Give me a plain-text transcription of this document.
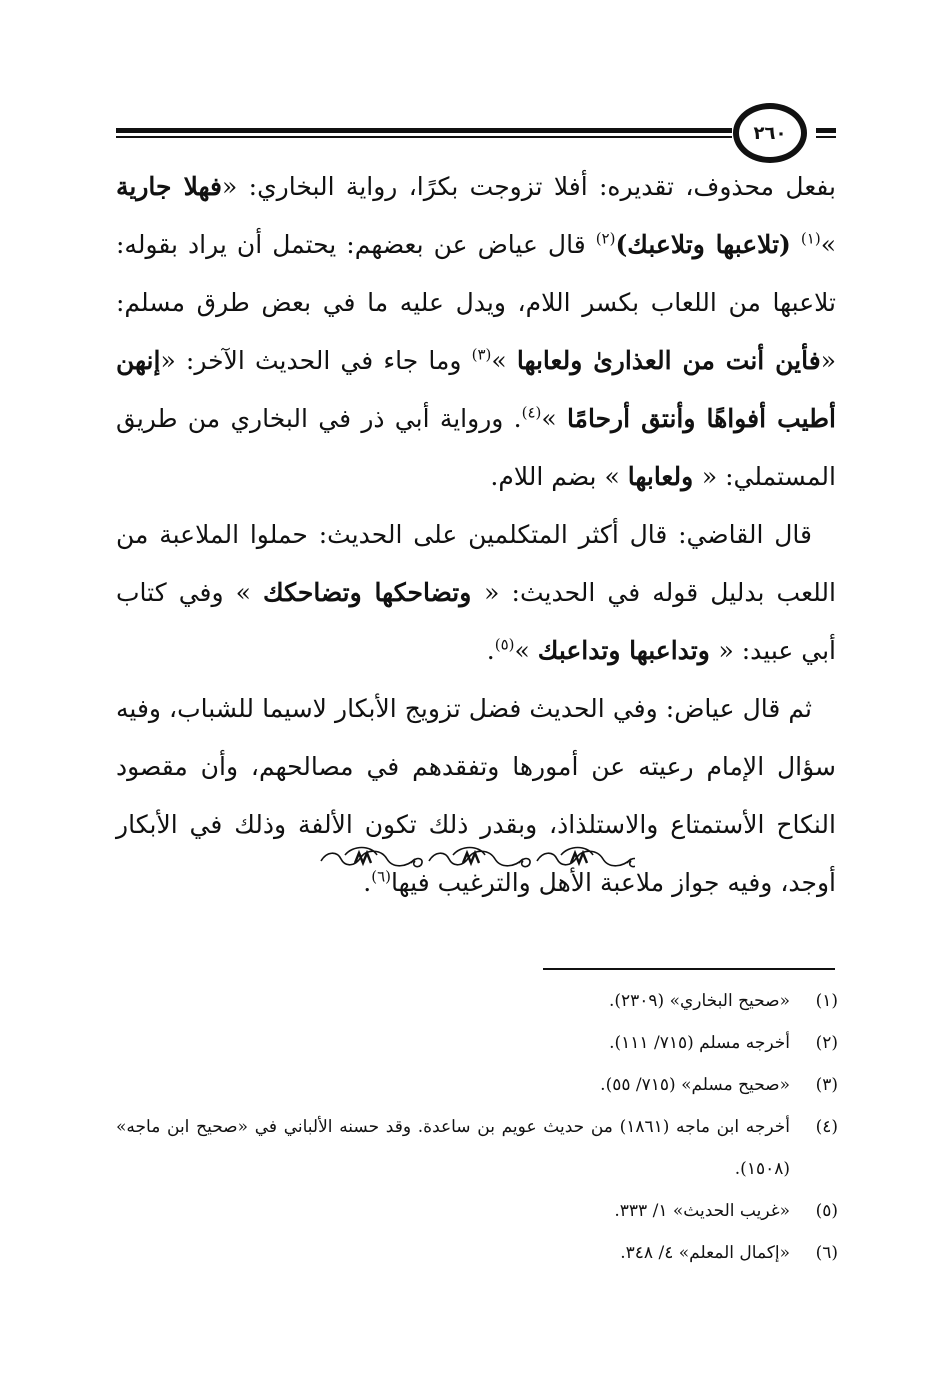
٢٦٠

بفعل محذوف، تقديره: أفلا تزوجت بكرًا، رواية البخاري: «فهلا جارية »$^{(١)}$ (تلاعبها وتلاعبك)$^{(٢)}$ قال عياض عن بعضهم: يحتمل أن يراد بقوله: تلاعبها من اللعاب بكسر اللام، ويدل عليه ما في بعض طرق مسلم: «فأين أنت من العذارىٰ ولعابها »$^{(٣)}$ وما جاء في الحديث الآخر: «إنهن أطيب أفواهًا وأنتق أرحامًا »$^{(٤)}$. ورواية أبي ذر في البخاري من طريق المستملي: « ولعابها » بضم اللام.

قال القاضي: قال أكثر المتكلمين على الحديث: حملوا الملاعبة من اللعب بدليل قوله في الحديث: « وتضاحكها وتضاحكك » وفي كتاب أبي عبيد: « وتداعبها وتداعبك »$^{(٥)}$.

ثم قال عياض: وفي الحديث فضل تزويج الأبكار لاسيما للشباب، وفيه سؤال الإمام رعيته عن أمورها وتفقدهم في مصالحهم، وأن مقصود النكاح الأستمتاع والاستلذاذ، وبقدر ذلك تكون الألفة وذلك في الأبكار أوجد، وفيه جواز ملاعبة الأهل والترغيب فيها$^{(٦)}$.

(١)
«صحيح البخاري» (٢٣٠٩).
(٢)
أخرجه مسلم (٧١٥/ ١١١).
(٣)
«صحيح مسلم» (٧١٥/ ٥٥).
(٤)
أخرجه ابن ماجه (١٨٦١) من حديث عويم بن ساعدة. وقد حسنه الألباني في «صحيح ابن ماجه» (١٥٠٨).
(٥)
«غريب الحديث» ١/ ٣٣٣.
(٦)
«إكمال المعلم» ٤/ ٣٤٨.
